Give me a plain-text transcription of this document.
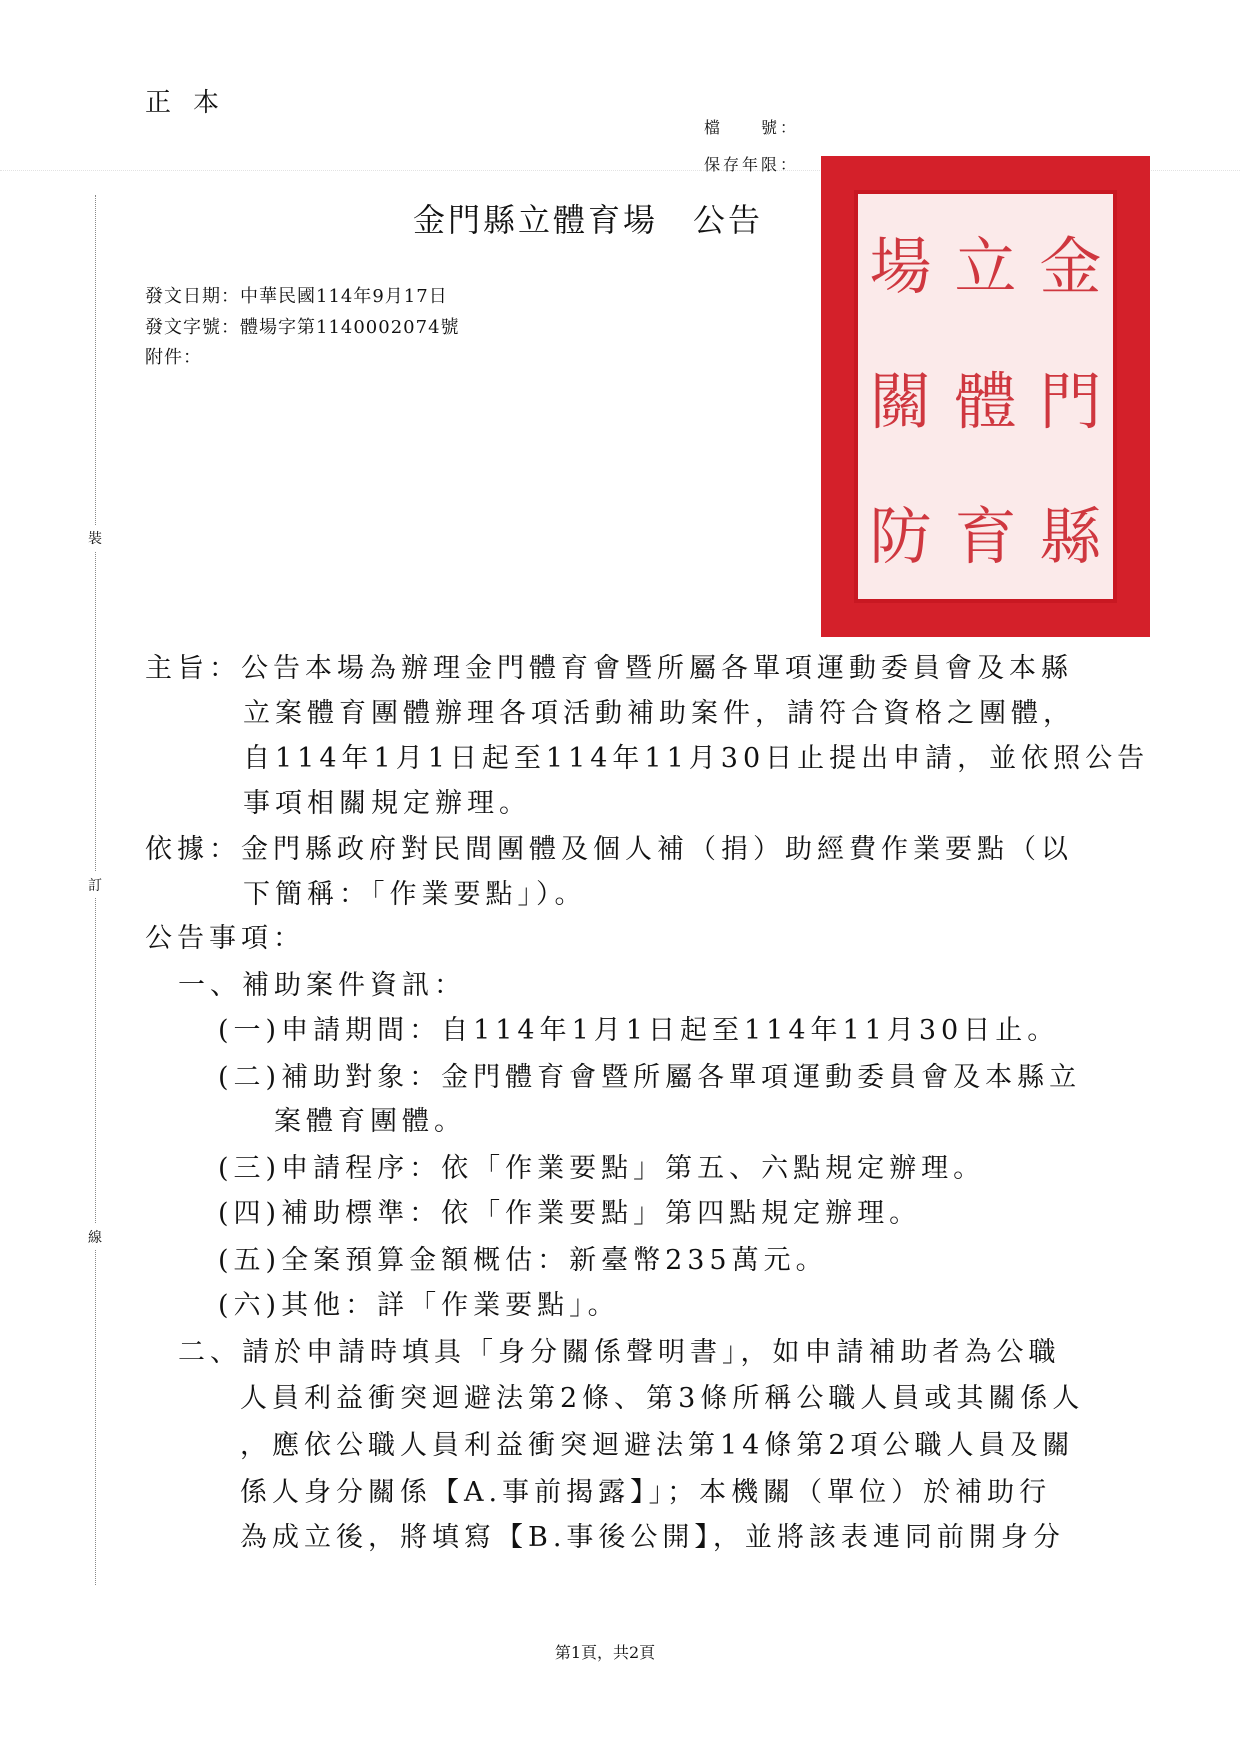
正本
檔　　號：
保存年限：
金門縣立體育場　公告
發文日期：中華民國114年9月17日
發文字號：體場字第1140002074號
附件：
裝
訂
線
場 立 金
關 體 門
防 育 縣
主旨：公告本場為辦理金門體育會暨所屬各單項運動委員會及本縣
立案體育團體辦理各項活動補助案件，請符合資格之團體，
自114年1月1日起至114年11月30日止提出申請，並依照公告
事項相關規定辦理。
依據：金門縣政府對民間團體及個人補（捐）助經費作業要點（以
下簡稱：「作業要點」）。
公告事項：
一、補助案件資訊：
(一)申請期間：自114年1月1日起至114年11月30日止。
(二)補助對象：金門體育會暨所屬各單項運動委員會及本縣立
案體育團體。
(三)申請程序：依「作業要點」第五、六點規定辦理。
(四)補助標準：依「作業要點」第四點規定辦理。
(五)全案預算金額概估：新臺幣235萬元。
(六)其他：詳「作業要點」。
二、請於申請時填具「身分關係聲明書」，如申請補助者為公職
人員利益衝突迴避法第2條、第3條所稱公職人員或其關係人
，應依公職人員利益衝突迴避法第14條第2項公職人員及關
係人身分關係【A.事前揭露】」；本機關（單位）於補助行
為成立後，將填寫【B.事後公開】，並將該表連同前開身分
第1頁，共2頁
